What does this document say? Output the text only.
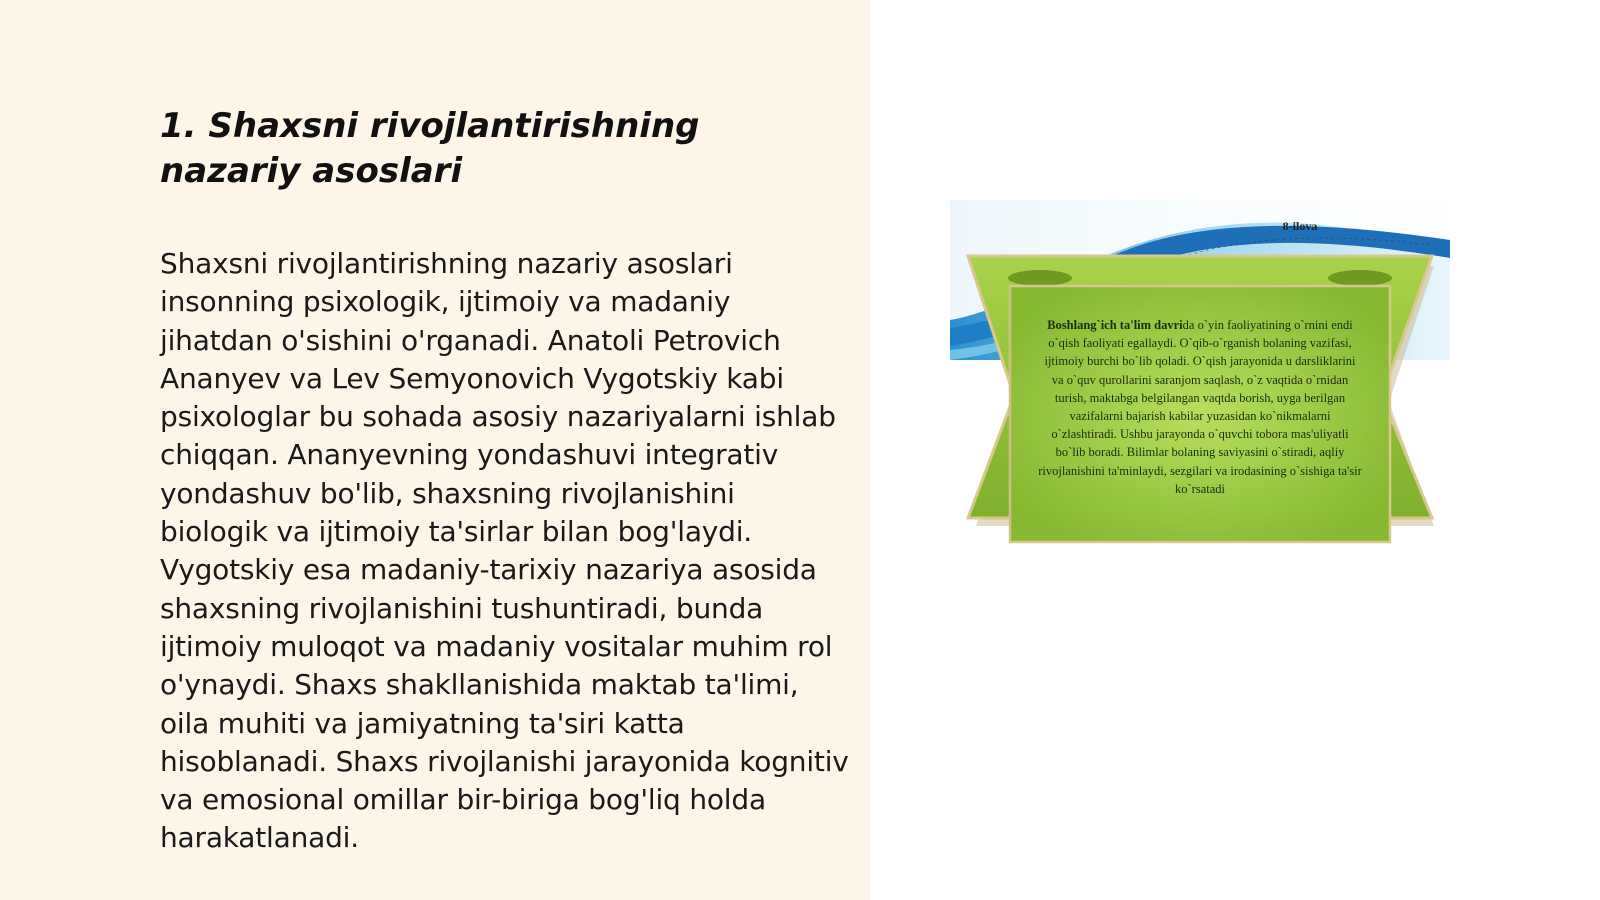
1. Shaxsni rivojlantirishning nazariy asoslari

Shaxsni rivojlantirishning nazariy asoslari insonning psixologik, ijtimoiy va madaniy jihatdan o'sishini o'rganadi. Anatoli Petrovich Ananyev va Lev Semyonovich Vygotskiy kabi psixologlar bu sohada asosiy nazariyalarni ishlab chiqqan. Ananyevning yondashuvi integrativ yondashuv bo'lib, shaxsning rivojlanishini biologik va ijtimoiy ta'sirlar bilan bog'laydi. Vygotskiy esa madaniy-tarixiy nazariya asosida shaxsning rivojlanishini tushuntiradi, bunda ijtimoiy muloqot va madaniy vositalar muhim rol o'ynaydi. Shaxs shakllanishida maktab ta'limi, oila muhiti va jamiyatning ta'siri katta hisoblanadi. Shaxs rivojlanishi jarayonida kognitiv va emosional omillar bir-biriga bog'liq holda harakatlanadi.

8-ilova

Boshlang`ich ta'lim davrida o`yin faoliyatining o`rnini endi o`qish faoliyati egallaydi. O`qib-o`rganish bolaning vazifasi, ijtimoiy burchi bo`lib qoladi. O`qish jarayonida u darsliklarini va o`quv qurollarini saranjom saqlash, o`z vaqtida o`rnidan turish, maktabga belgilangan vaqtda borish, uyga berilgan vazifalarni bajarish kabilar yuzasidan ko`nikmalarni o`zlashtiradi. Ushbu jarayonda o`quvchi tobora mas'uliyatli bo`lib boradi. Bilimlar bolaning saviyasini o`stiradi, aqliy rivojlanishini ta'minlaydi, sezgilari va irodasining o`sishiga ta'sir ko`rsatadi
